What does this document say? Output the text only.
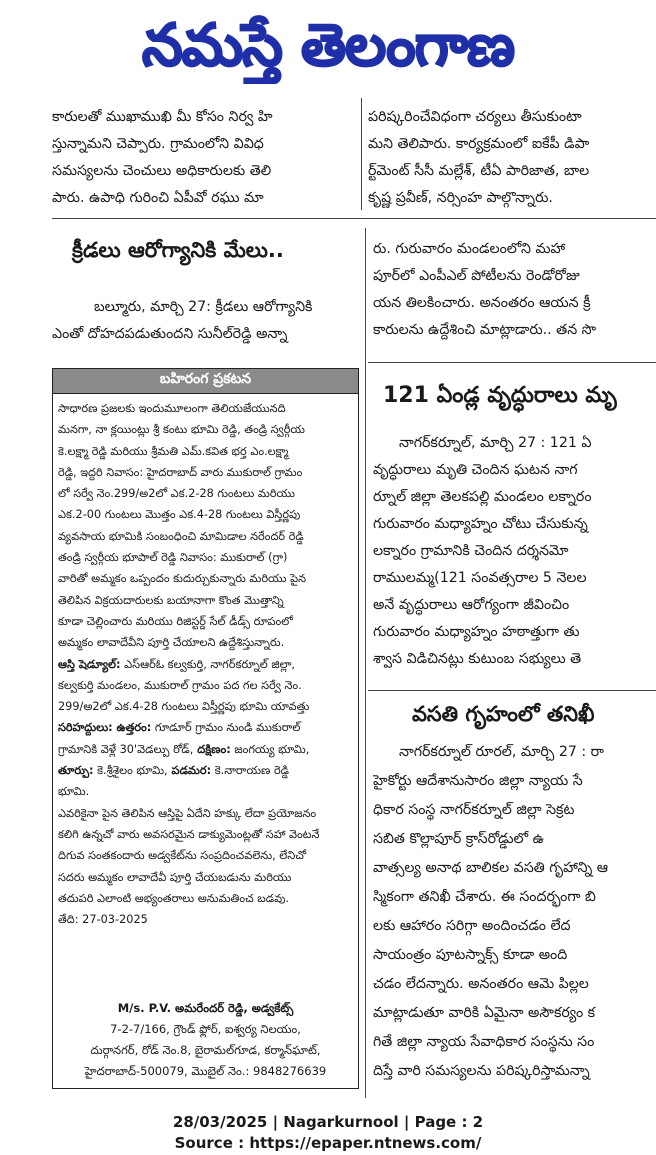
నమస్తే తెలంగాణ
కారులతో ముఖాముఖి మీ కోసం నిర్వ హి
స్తున్నామని చెప్పారు. గ్రామంలోని వివిధ
సమస్యలను చెంచులు అధికారులకు తెలి
పారు. ఉపాధి గురించి ఏపీవో రఘు మా
పరిష్కరించేవిధంగా చర్యలు తీసుకుంటా
మని తెలిపారు. కార్యక్రమంలో ఐకేపీ డిపా
ర్ట్‌మెంట్ సీసీ మల్లేశ్, టీఏ పారిజాత, బాల
కృష్ణ ప్రవీణ్, నర్సింహ పాల్గొన్నారు.
క్రీడలు ఆరోగ్యానికి మేలు..
బల్మూరు, మార్చి 27: క్రీడలు ఆరోగ్యానికి
ఎంతో దోహదపడుతుందని సునీల్‌రెడ్డి అన్నా
రు. గురువారం మండలంలోని మహా
పూర్‌లో ఎంపీఎల్ పోటీలను రెండోరోజు
యన తిలకించారు. అనంతరం ఆయన క్రీ
కారులను ఉద్దేశించి మాట్లాడారు.. తన సొ
121 ఏండ్ల వృద్ధురాలు మృ
నాగర్‌కర్నూల్, మార్చి 27 : 121 ఏ
వృద్ధురాలు మృతి చెందిన ఘటన నాగ
ర్నూల్ జిల్లా తెలకపల్లి మండలం లక్నారం
గురువారం మధ్యాహ్నం చోటు చేసుకున్న
లక్నారం గ్రామానికి చెందిన దర్శనమో
రాములమ్మ(121 సంవత్సరాల 5 నెలల
అనే వృద్ధురాలు ఆరోగ్యంగా జీవించిం
గురువారం మధ్యాహ్నం హఠాత్తుగా తు
శ్వాస విడిచినట్లు కుటుంబ సభ్యులు తె
వసతి గృహంలో తనిఖీ
నాగర్‌కర్నూల్ రూరల్, మార్చి 27 : రా
హైకోర్టు ఆదేశానుసారం జిల్లా న్యాయ సే
ధికార సంస్థ నాగర్‌కర్నూల్ జిల్లా సెక్రట
సబిత కొల్లాపూర్ క్రాస్‌రోడ్డులో ఉ
వాత్సల్య అనాథ బాలికల వసతి గృహాన్ని ఆ
స్మికంగా తనిఖీ చేశారు. ఈ సందర్భంగా బి
లకు ఆహారం సరిగ్గా అందించడం లేద
సాయంత్రం పూటస్నాక్స్ కూడా అంది
చడం లేదన్నారు. అనంతరం ఆమె పిల్లల
మాట్లాడుతూ వారికి ఏమైనా అసౌకర్యం క
గితే జిల్లా న్యాయ సేవాధికార సంస్థను సం
దిస్తే వారి సమస్యలను పరిష్కరిస్తామన్నా
బహిరంగ ప్రకటన
సాధారణ ప్రజలకు ఇందుమూలంగా తెలియజేయునది
మనగా, నా క్లయింట్లు శ్రీ కంటు భూమి రెడ్డి, తండ్రి స్వర్గీయ
కె.లక్ష్మా రెడ్డి మరియు శ్రీమతి ఎమ్.కవిత భర్త ఎం.లక్ష్మా
రెడ్డి, ఇద్దరి నివాసం: హైదరాబాద్ వారు ముకురాల్ గ్రామం
లో సర్వే నెం.299/అ2లో ఎక.2-28 గుంటలు మరియు
ఎక.2-00 గుంటలు మొత్తం ఎక.4-28 గుంటలు విస్తీర్ణపు
వ్యవసాయ భూమికి సంబంధించి మామిడాల నరేందర్ రెడ్డి
తండ్రి స్వర్గీయ భూపాల్ రెడ్డి నివాసం: ముకురాల్ (గ్రా)
వారితో అమ్మకం ఒప్పందం కుదుర్చుకున్నారు మరియు పైన
తెలిపిన విక్రయదారులకు బయానాగా కొంత మొత్తాన్ని
కూడా చెల్లించారు మరియు రిజిస్టర్డ్ సేల్ డీడ్స్ రూపంలో
అమ్మకం లావాదేవీని పూర్తి చేయాలని ఉద్దేశిస్తున్నారు.
ఆస్తి షెడ్యూల్: ఎస్ఆర్ఓ కల్వకుర్తి, నాగర్‌కర్నూల్ జిల్లా,
కల్వకుర్తి మండలం, ముకురాల్ గ్రామం పద గల సర్వే నెం.
299/అ2లో ఎక.4-28 గుంటలు విస్తీర్ణపు భూమి యావత్తు
సరిహద్దులు: ఉత్తరం: గూడూర్ గ్రామం నుండి ముకురాల్
గ్రామానికి వెళ్లే 30'వెడల్పు రోడ్, దక్షిణం: జంగయ్య భూమి,
తూర్పు: కె.శ్రీశైలం భూమి, పడమర: కె.నారాయణ రెడ్డి
భూమి.
ఎవరికైనా పైన తెలిపిన ఆస్తిపై ఏదేని హక్కు లేదా ప్రయోజనం
కలిగి ఉన్నచో వారు అవసరమైన డాక్యుమెంట్లతో సహా వెంటనే
దిగువ సంతకందారు అడ్వకేట్‌ను సంప్రదించవలెను, లేనిచో
సదరు అమ్మకం లావాదేవీ పూర్తి చేయబడును మరియు
తదుపరి ఎలాంటి అభ్యంతరాలు అనుమతించ బడవు.
తేది: 27-03-2025
M/s. P.V. అమరేందర్ రెడ్డి, అడ్వకేట్స్
7-2-7/166, గ్రౌండ్ ఫ్లోర్, ఐశ్వర్య నిలయం,
దుర్గానగర్, రోడ్ నెం.8, బైరామల్‌గూడ, కర్మాన్‌ఘాట్,
హైదరాబాద్-500079, మొబైల్ నెం.: 9848276639
28/03/2025 | Nagarkurnool | Page : 2
Source : https://epaper.ntnews.com/
